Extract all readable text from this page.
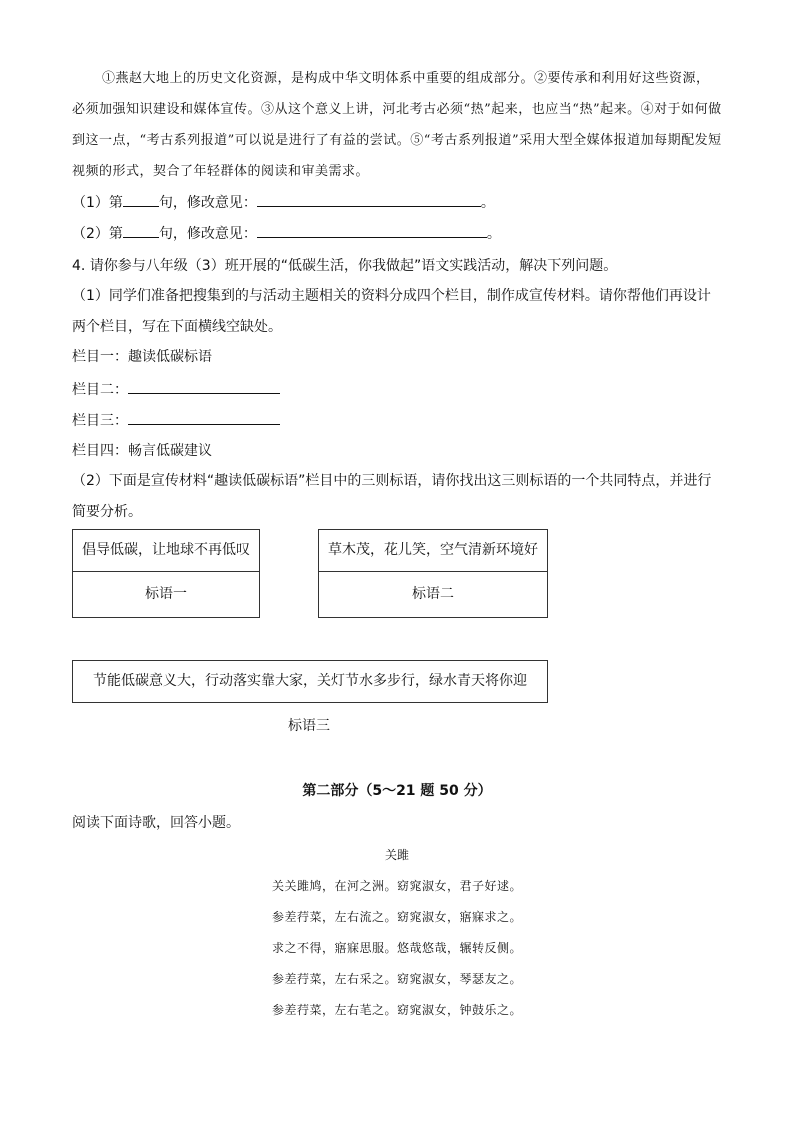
①燕赵大地上的历史文化资源，是构成中华文明体系中重要的组成部分。②要传承和利用好这些资源，必须加强知识建设和媒体宣传。③从这个意义上讲，河北考古必须“热”起来，也应当“热”起来。④对于如何做到这一点，“考古系列报道”可以说是进行了有益的尝试。⑤“考古系列报道”采用大型全媒体报道加每期配发短视频的形式，契合了年轻群体的阅读和审美需求。
（1）第	句，修改意见：	。
（2）第	句，修改意见：	。
4. 请你参与八年级（3）班开展的“低碳生活，你我做起”语文实践活动，解决下列问题。
（1）同学们准备把搜集到的与活动主题相关的资料分成四个栏目，制作成宣传材料。请你帮他们再设计两个栏目，写在下面横线空缺处。
栏目一：趣读低碳标语
栏目二：
栏目三：
栏目四：畅言低碳建议
（2）下面是宣传材料“趣读低碳标语”栏目中的三则标语，请你找出这三则标语的一个共同特点，并进行简要分析。
倡导低碳，让地球不再低叹
标语一
草木茂，花儿笑，空气清新环境好
标语二
节能低碳意义大，行动落实靠大家，关灯节水多步行，绿水青天将你迎
标语三
第二部分（5～21 题 50 分）
阅读下面诗歌，回答小题。
关雎
关关雎鸠，在河之洲。窈窕淑女，君子好逑。
参差荇菜，左右流之。窈窕淑女，寤寐求之。
求之不得，寤寐思服。悠哉悠哉，辗转反侧。
参差荇菜，左右采之。窈窕淑女，琴瑟友之。
参差荇菜，左右芼之。窈窕淑女，钟鼓乐之。
